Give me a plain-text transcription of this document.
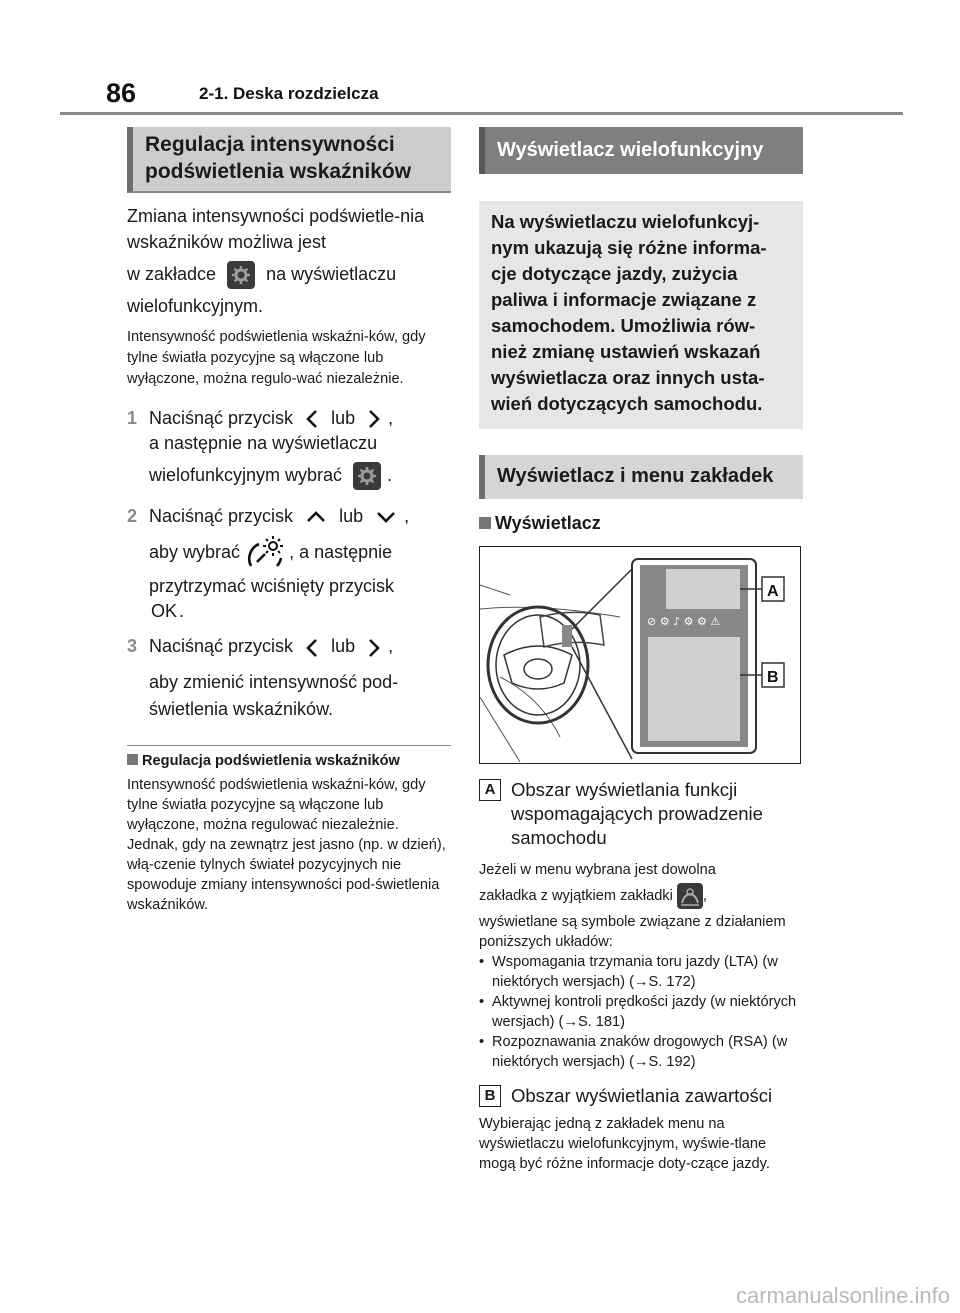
86	2-1. Deska rozdzielcza
Regulacja intensywności podświetlenia wskaźników
Zmiana intensywności podświetle-nia wskaźników możliwa jest
w zakładce	na wyświetlaczu
wielofunkcyjnym.
Intensywność podświetlenia wskaźni-ków, gdy tylne światła pozycyjne są włączone lub wyłączone, można regulo-wać niezależnie.
1 Naciśnąć przycisk lub ,
a następnie na wyświetlaczu
wielofunkcyjnym wybrać	.
2 Naciśnąć przycisk	lub ,
aby wybrać	, a następnie
przytrzymać wciśnięty przycisk
OK .
3 Naciśnąć przycisk lub ,
aby zmienić intensywność pod-świetlenia wskaźników.
Regulacja podświetlenia wskaźników
Intensywność podświetlenia wskaźni-ków, gdy tylne światła pozycyjne są włączone lub wyłączone, można regulować niezależnie. Jednak, gdy na zewnątrz jest jasno (np. w dzień), włą-czenie tylnych świateł pozycyjnych nie spowoduje zmiany intensywności pod-świetlenia wskaźników.
Wyświetlacz wielofunkcyjny
Na wyświetlaczu wielofunkcyj-nym ukazują się różne informa-cje dotyczące jazdy, zużycia paliwa i informacje związane z samochodem. Umożliwia rów-nież zmianę ustawień wskazań wyświetlacza oraz innych usta-wień dotyczących samochodu.
Wyświetlacz i menu zakładek
Wyświetlacz
⊘ ⚙ ♪ ⚙ ⚙ ⚠
A
B
A Obszar wyświetlania funkcji wspomagających prowadzenie samochodu
Jeżeli w menu wybrana jest dowolna
zakładka z wyjątkiem zakładki ,
wyświetlane są symbole związane z działaniem poniższych układów:
• Wspomagania trzymania toru jazdy (LTA) (w niektórych wersjach) (→S. 172)
• Aktywnej kontroli prędkości jazdy (w niektórych wersjach) (→S. 181)
• Rozpoznawania znaków drogowych (RSA) (w niektórych wersjach) (→S. 192)
B Obszar wyświetlania zawartości
Wybierając jedną z zakładek menu na wyświetlaczu wielofunkcyjnym, wyświe-tlane mogą być różne informacje doty-czące jazdy.
carmanualsonline.info
